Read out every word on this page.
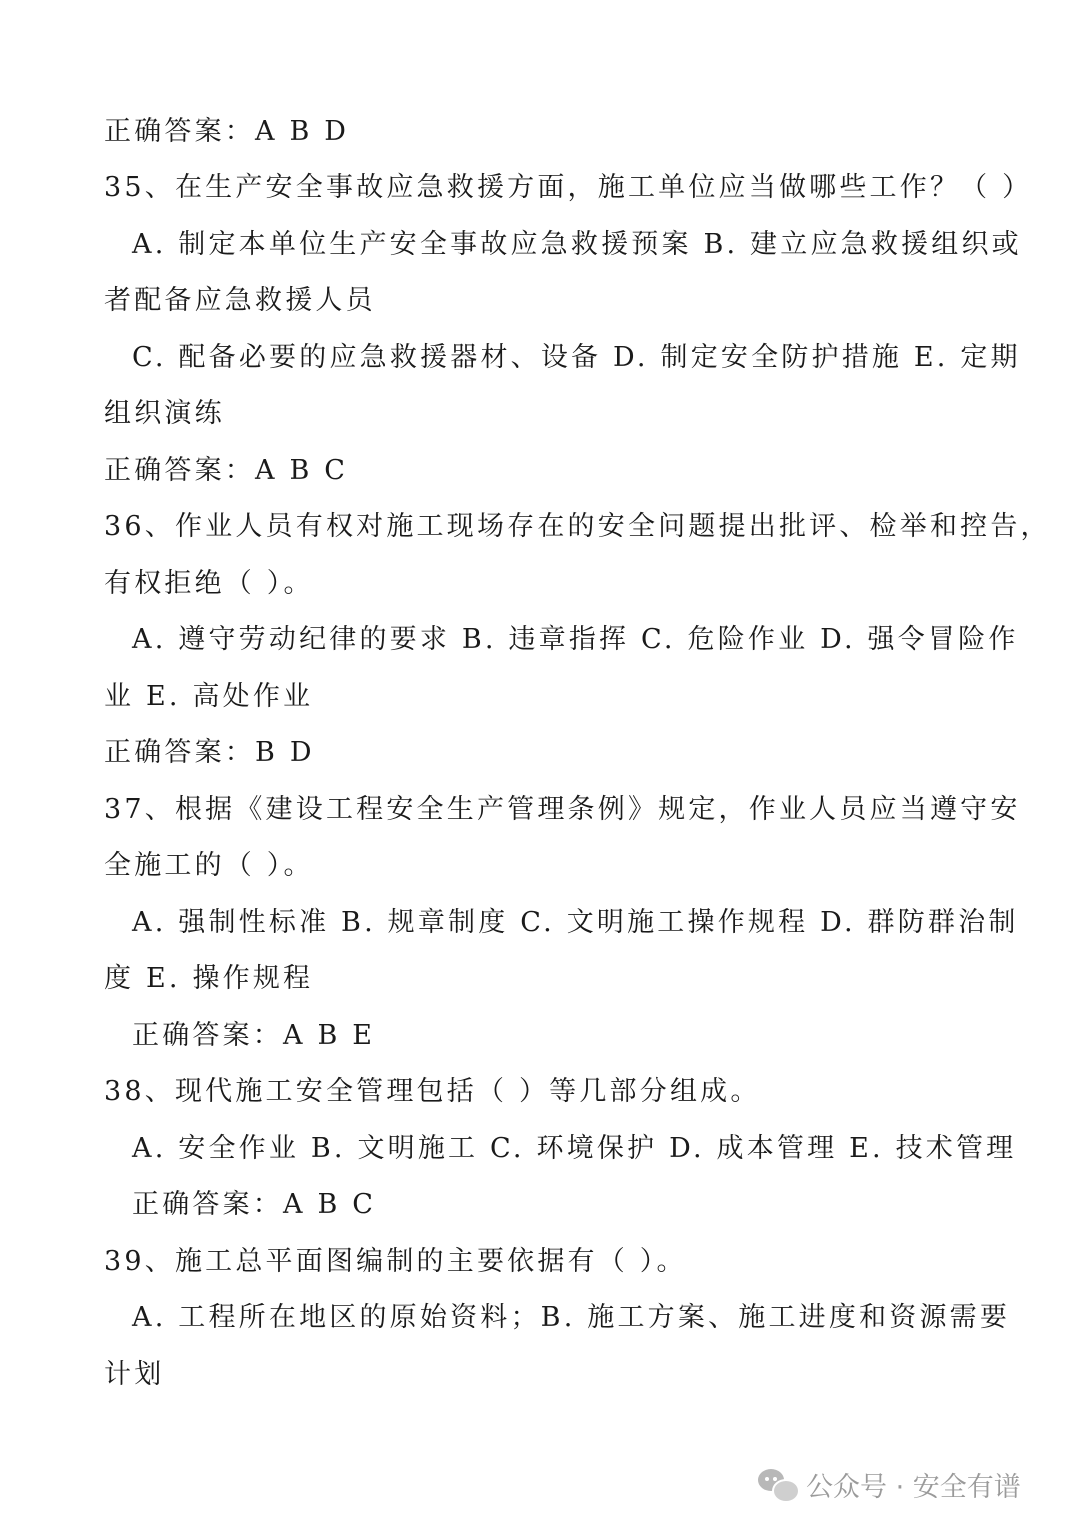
正确答案：A B D
35、在生产安全事故应急救援方面，施工单位应当做哪些工作？（ ）
A. 制定本单位生产安全事故应急救援预案 B. 建立应急救援组织或
者配备应急救援人员
C. 配备必要的应急救援器材、设备 D. 制定安全防护措施 E. 定期
组织演练
正确答案：A B C
36、作业人员有权对施工现场存在的安全问题提出批评、检举和控告，
有权拒绝（ ）。
A. 遵守劳动纪律的要求 B. 违章指挥 C. 危险作业 D. 强令冒险作
业 E. 高处作业
正确答案：B D
37、根据《建设工程安全生产管理条例》规定，作业人员应当遵守安
全施工的（ ）。
A. 强制性标准 B. 规章制度 C. 文明施工操作规程 D. 群防群治制
度 E. 操作规程
正确答案：A B E
38、现代施工安全管理包括（ ）等几部分组成。
A. 安全作业 B. 文明施工 C. 环境保护 D. 成本管理 E. 技术管理
正确答案：A B C
39、施工总平面图编制的主要依据有（ ）。
A. 工程所在地区的原始资料；B. 施工方案、施工进度和资源需要
计划
公众号 · 安全有谱
